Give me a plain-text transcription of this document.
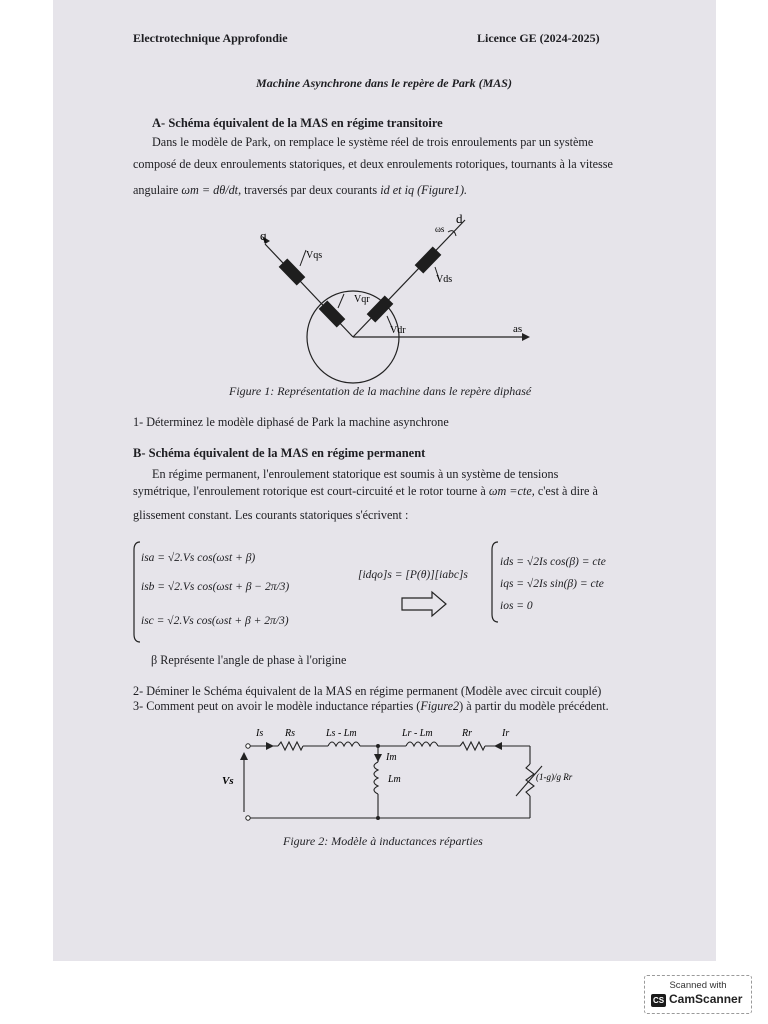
Electrotechnique Approfondie	Licence GE (2024-2025)
Machine Asynchrone dans le repère de Park (MAS)
A- Schéma équivalent de la MAS en régime transitoire
Dans le modèle de Park, on remplace le système réel de trois enroulements par un système
composé de deux enroulements statoriques, et deux enroulements rotoriques, tournants à la vitesse
angulaire ωm = dθ/dt, traversés par deux courants id et iq (Figure1).
q
d
Vqs
Vqr
Vds
Vdr	as
ωs
Figure 1: Représentation de la machine dans le repère diphasé
1- Déterminez le modèle diphasé de Park la machine asynchrone
B- Schéma équivalent de la MAS en régime permanent
En régime permanent, l'enroulement statorique est soumis à un système de tensions
symétrique, l'enroulement rotorique est court-circuité et le rotor tourne à ωm =cte, c'est à dire à
glissement constant. Les courants statoriques s'écrivent :
isa = √2.Vs cos(ωst + β)
isb = √2.Vs cos(ωst + β − 2π/3)
isc = √2.Vs cos(ωst + β + 2π/3)
[idqo]s = [P(θ)][iabc]s
ids = √2Is cos(β) = cte
iqs = √2Is sin(β) = cte
ios = 0
β Représente l'angle de phase à l'origine
2- Déminer le Schéma équivalent de la MAS en régime permanent (Modèle avec circuit couplé)
3- Comment peut on avoir le modèle inductance réparties (Figure2) à partir du modèle précédent.
Is Rs	Ls - Lm	Lr - Lm	Rr	Ir
Im
Lm
Vs	(1-g)/g Rr
Figure 2: Modèle à inductances réparties
Scanned with
CS CamScanner
